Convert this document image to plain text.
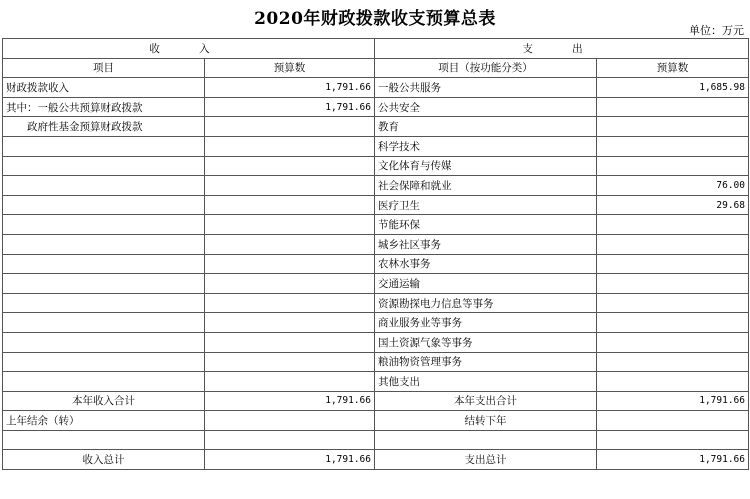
2020年财政拨款收支预算总表
单位：万元
收 入		支 出	
项目	预算数	项目（按功能分类）	预算数
财政拨款收入	1,791.66	一般公共服务	1,685.98
其中：一般公共预算财政拨款	1,791.66	公共安全	
政府性基金预算财政拨款		教育	
		科学技术	
		文化体育与传媒	
		社会保障和就业	76.00
		医疗卫生	29.68
		节能环保	
		城乡社区事务	
		农林水事务	
		交通运输	
		资源勘探电力信息等事务	
		商业服务业等事务	
		国土资源气象等事务	
		粮油物资管理事务	
		其他支出	
本年收入合计	1,791.66	本年支出合计	1,791.66
上年结余（转）		结转下年	

收入总计	1,791.66	支出总计	1,791.66
